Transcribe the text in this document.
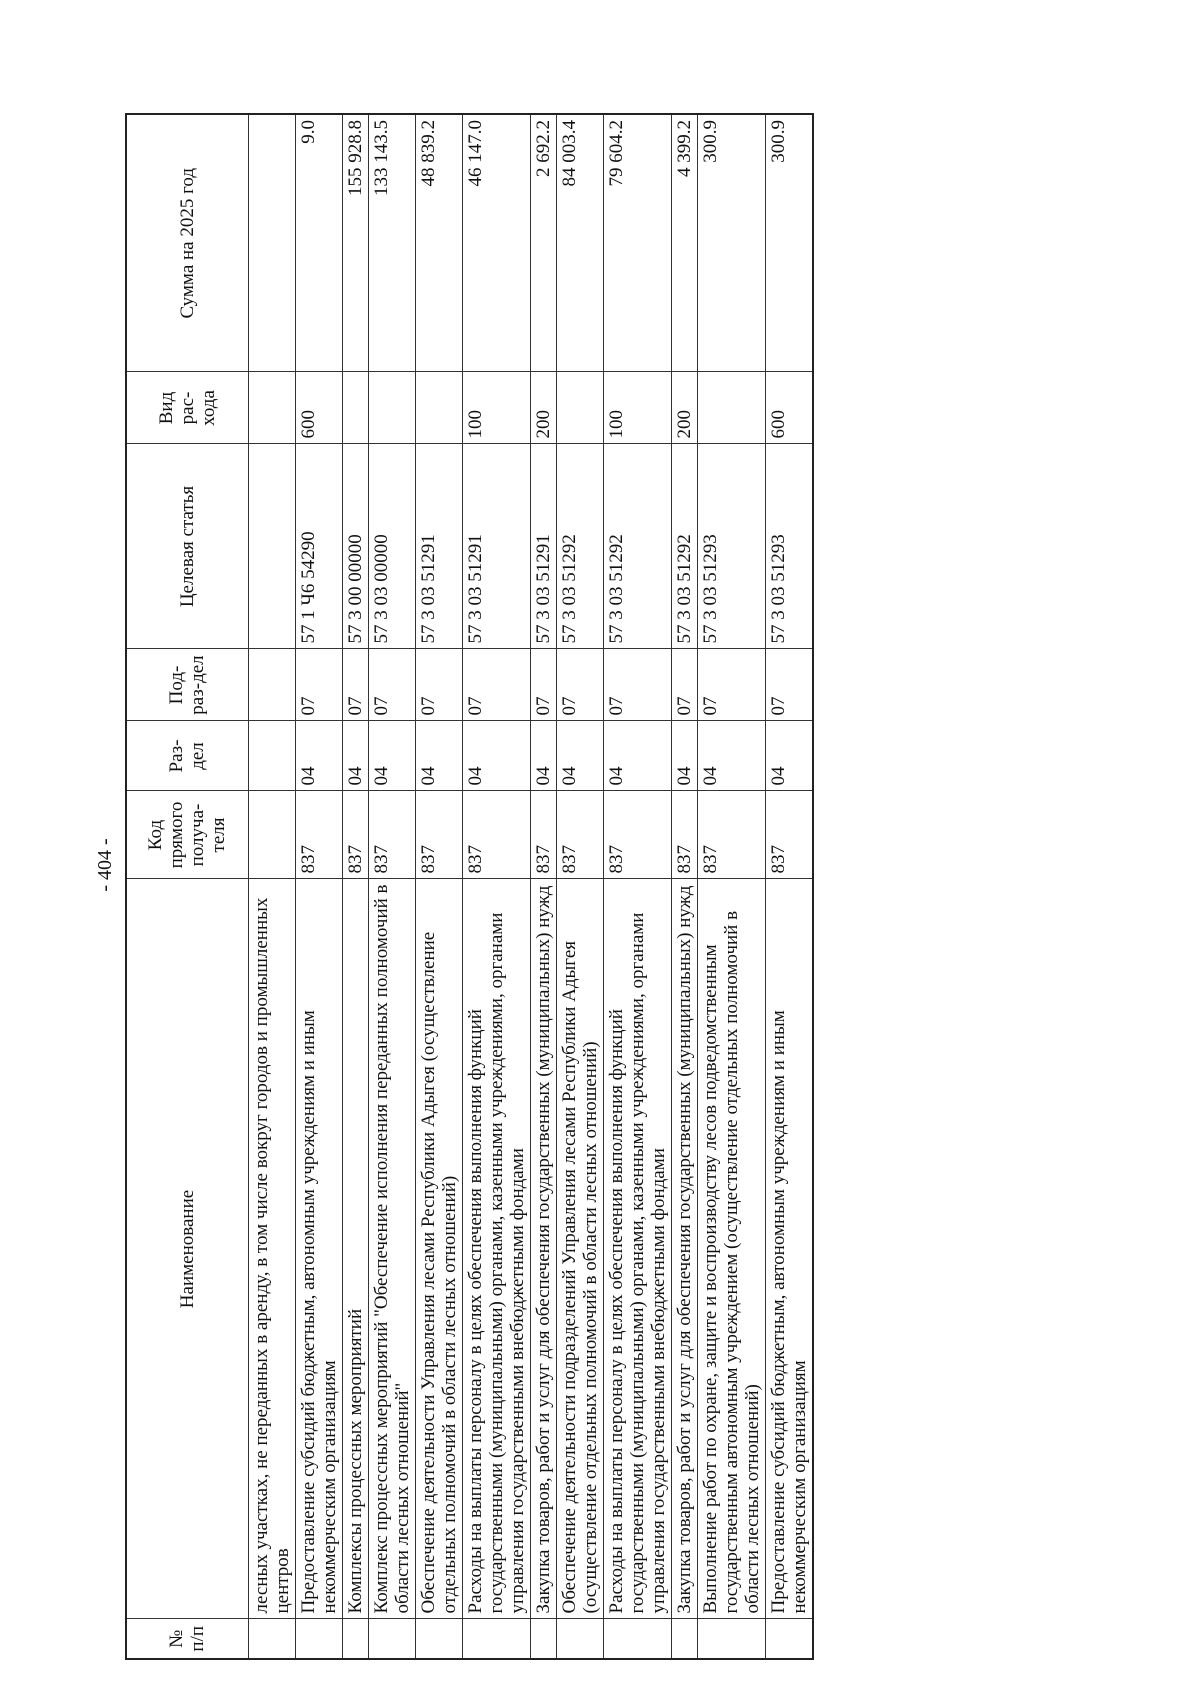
- 404 -
№ п/п	Наименование	Код прямого получа-теля	Раз-дел	Под-раз-дел	Целевая статья	Вид рас-хода	Сумма на 2025 год
	лесных участках, не переданных в аренду, в том числе вокруг городов и промышленных центров						
	Предоставление субсидий бюджетным, автономным учреждениям и иным некоммерческим организациям	837	04	07	57 1 Ч6 54290	600	9.0
	Комплексы процессных мероприятий	837	04	07	57 3 00 00000		155 928.8
	Комплекс процессных мероприятий "Обеспечение исполнения переданных полномочий в области лесных отношений"	837	04	07	57 3 03 00000		133 143.5
	Обеспечение деятельности Управления лесами Республики Адыгея (осуществление отдельных полномочий в области лесных отношений)	837	04	07	57 3 03 51291		48 839.2
	Расходы на выплаты персоналу в целях обеспечения выполнения функций государственными (муниципальными) органами, казенными учреждениями, органами управления государственными внебюджетными фондами	837	04	07	57 3 03 51291	100	46 147.0
	Закупка товаров, работ и услуг для обеспечения государственных (муниципальных) нужд	837	04	07	57 3 03 51291	200	2 692.2
	Обеспечение деятельности подразделений Управления лесами Республики Адыгея (осуществление отдельных полномочий в области лесных отношений)	837	04	07	57 3 03 51292		84 003.4
	Расходы на выплаты персоналу в целях обеспечения выполнения функций государственными (муниципальными) органами, казенными учреждениями, органами управления государственными внебюджетными фондами	837	04	07	57 3 03 51292	100	79 604.2
	Закупка товаров, работ и услуг для обеспечения государственных (муниципальных) нужд	837	04	07	57 3 03 51292	200	4 399.2
	Выполнение работ по охране, защите и воспроизводству лесов подведомственным государственным автономным учреждением (осуществление отдельных полномочий в области лесных отношений)	837	04	07	57 3 03 51293		300.9
	Предоставление субсидий бюджетным, автономным учреждениям и иным некоммерческим организациям	837	04	07	57 3 03 51293	600	300.9
